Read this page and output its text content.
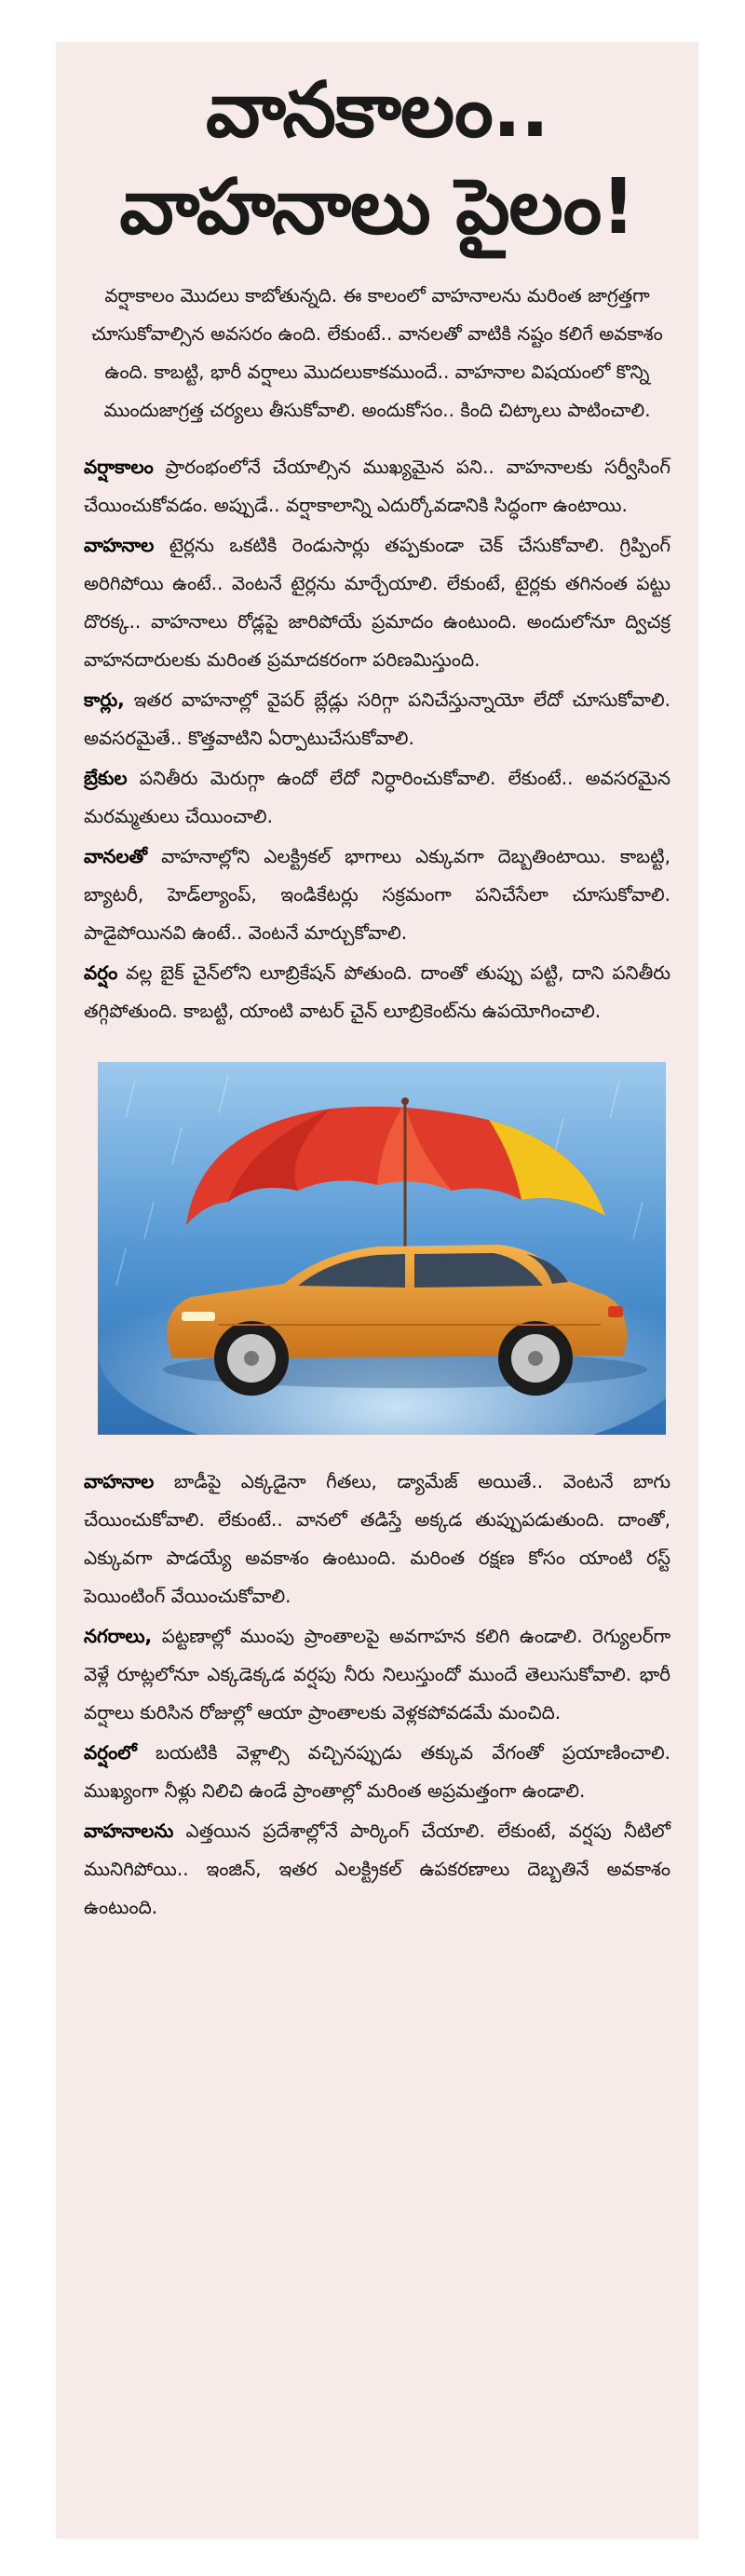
వానకాలం..
వాహనాలు పైలం!

వర్షాకాలం మొదలు కాబోతున్నది. ఈ కాలంలో వాహనాలను మరింత జాగ్రత్తగా చూసుకోవాల్సిన అవసరం ఉంది. లేకుంటే.. వానలతో వాటికి నష్టం కలిగే అవకాశం ఉంది. కాబట్టి, భారీ వర్షాలు మొదలుకాకముందే.. వాహనాల విషయంలో కొన్ని ముందుజాగ్రత్త చర్యలు తీసుకోవాలి. అందుకోసం.. కింది చిట్కాలు పాటించాలి.

వర్షాకాలం ప్రారంభంలోనే చేయాల్సిన ముఖ్యమైన పని.. వాహనాలకు సర్వీసింగ్ చేయించుకోవడం. అప్పుడే.. వర్షాకాలాన్ని ఎదుర్కోవడానికి సిద్ధంగా ఉంటాయి.

వాహనాల టైర్లను ఒకటికి రెండుసార్లు తప్పకుండా చెక్ చేసుకోవాలి. గ్రిప్పింగ్ అరిగిపోయి ఉంటే.. వెంటనే టైర్లను మార్చేయాలి. లేకుంటే, టైర్లకు తగినంత పట్టు దొరక్క.. వాహనాలు రోడ్లపై జారిపోయే ప్రమాదం ఉంటుంది. అందులోనూ ద్విచక్ర వాహనదారులకు మరింత ప్రమాదకరంగా పరిణమిస్తుంది.

కార్లు, ఇతర వాహనాల్లో వైపర్ బ్లేడ్లు సరిగ్గా పనిచేస్తున్నాయో లేదో చూసుకోవాలి. అవసరమైతే.. కొత్తవాటిని ఏర్పాటుచేసుకోవాలి.

బ్రేకుల పనితీరు మెరుగ్గా ఉందో లేదో నిర్ధారించుకోవాలి. లేకుంటే.. అవసరమైన మరమ్మతులు చేయించాలి.

వానలతో వాహనాల్లోని ఎలక్ట్రికల్ భాగాలు ఎక్కువగా దెబ్బతింటాయి. కాబట్టి, బ్యాటరీ, హెడ్‌ల్యాంప్, ఇండికేటర్లు సక్రమంగా పనిచేసేలా చూసుకోవాలి. పాడైపోయినవి ఉంటే.. వెంటనే మార్చుకోవాలి.

వర్షం వల్ల బైక్ చైన్‌లోని లూబ్రికేషన్ పోతుంది. దాంతో తుప్పు పట్టి, దాని పనితీరు తగ్గిపోతుంది. కాబట్టి, యాంటి వాటర్ చైన్ లూబ్రికెంట్‌ను ఉపయోగించాలి.

వాహనాల బాడీపై ఎక్కడైనా గీతలు, డ్యామేజ్ అయితే.. వెంటనే బాగు చేయించుకోవాలి. లేకుంటే.. వానలో తడిస్తే అక్కడ తుప్పుపడుతుంది. దాంతో, ఎక్కువగా పాడయ్యే అవకాశం ఉంటుంది. మరింత రక్షణ కోసం యాంటి రస్ట్ పెయింటింగ్ వేయించుకోవాలి.

నగరాలు, పట్టణాల్లో ముంపు ప్రాంతాలపై అవగాహన కలిగి ఉండాలి. రెగ్యులర్‌గా వెళ్లే రూట్లలోనూ ఎక్కడెక్కడ వర్షపు నీరు నిలుస్తుందో ముందే తెలుసుకోవాలి. భారీ వర్షాలు కురిసిన రోజుల్లో ఆయా ప్రాంతాలకు వెళ్లకపోవడమే మంచిది.

వర్షంలో బయటికి వెళ్లాల్సి వచ్చినప్పుడు తక్కువ వేగంతో ప్రయాణించాలి. ముఖ్యంగా నీళ్లు నిలిచి ఉండే ప్రాంతాల్లో మరింత అప్రమత్తంగా ఉండాలి.

వాహనాలను ఎత్తయిన ప్రదేశాల్లోనే పార్కింగ్ చేయాలి. లేకుంటే, వర్షపు నీటిలో మునిగిపోయి.. ఇంజిన్, ఇతర ఎలక్ట్రికల్ ఉపకరణాలు దెబ్బతినే అవకాశం ఉంటుంది.
